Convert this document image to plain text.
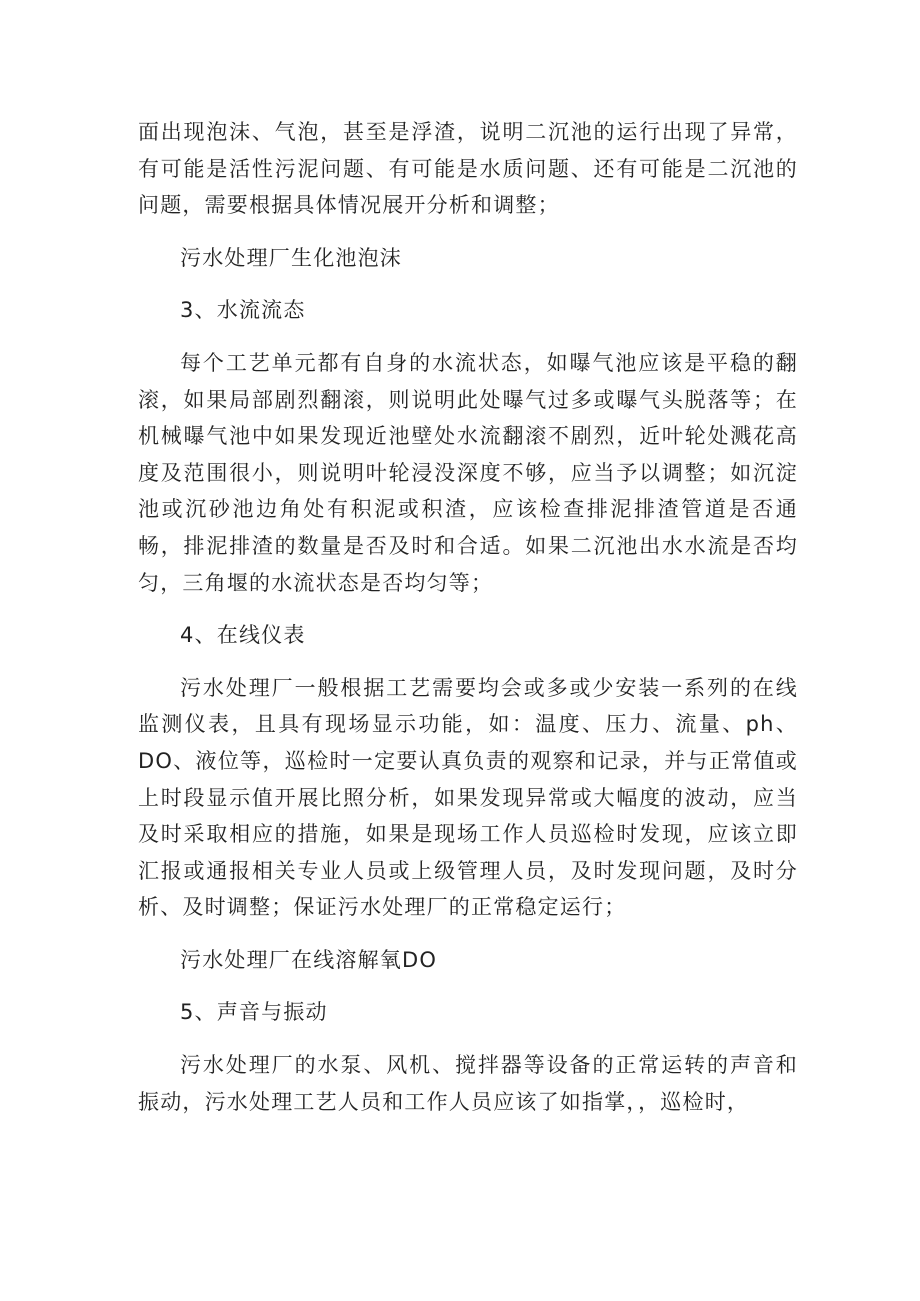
面出现泡沫、气泡，甚至是浮渣，说明二沉池的运行出现了异常，有可能是活性污泥问题、有可能是水质问题、还有可能是二沉池的问题，需要根据具体情况展开分析和调整；

污水处理厂生化池泡沫

3、水流流态

每个工艺单元都有自身的水流状态，如曝气池应该是平稳的翻滚，如果局部剧烈翻滚，则说明此处曝气过多或曝气头脱落等；在机械曝气池中如果发现近池壁处水流翻滚不剧烈，近叶轮处溅花高度及范围很小，则说明叶轮浸没深度不够，应当予以调整；如沉淀池或沉砂池边角处有积泥或积渣，应该检查排泥排渣管道是否通畅，排泥排渣的数量是否及时和合适。如果二沉池出水水流是否均匀，三角堰的水流状态是否均匀等；

4、在线仪表

污水处理厂一般根据工艺需要均会或多或少安装一系列的在线监测仪表，且具有现场显示功能，如：温度、压力、流量、ph、DO、液位等，巡检时一定要认真负责的观察和记录，并与正常值或上时段显示值开展比照分析，如果发现异常或大幅度的波动，应当及时采取相应的措施，如果是现场工作人员巡检时发现，应该立即汇报或通报相关专业人员或上级管理人员，及时发现问题，及时分析、及时调整；保证污水处理厂的正常稳定运行；

污水处理厂在线溶解氧DO

5、声音与振动

污水处理厂的水泵、风机、搅拌器等设备的正常运转的声音和振动，污水处理工艺人员和工作人员应该了如指掌，，巡检时，
